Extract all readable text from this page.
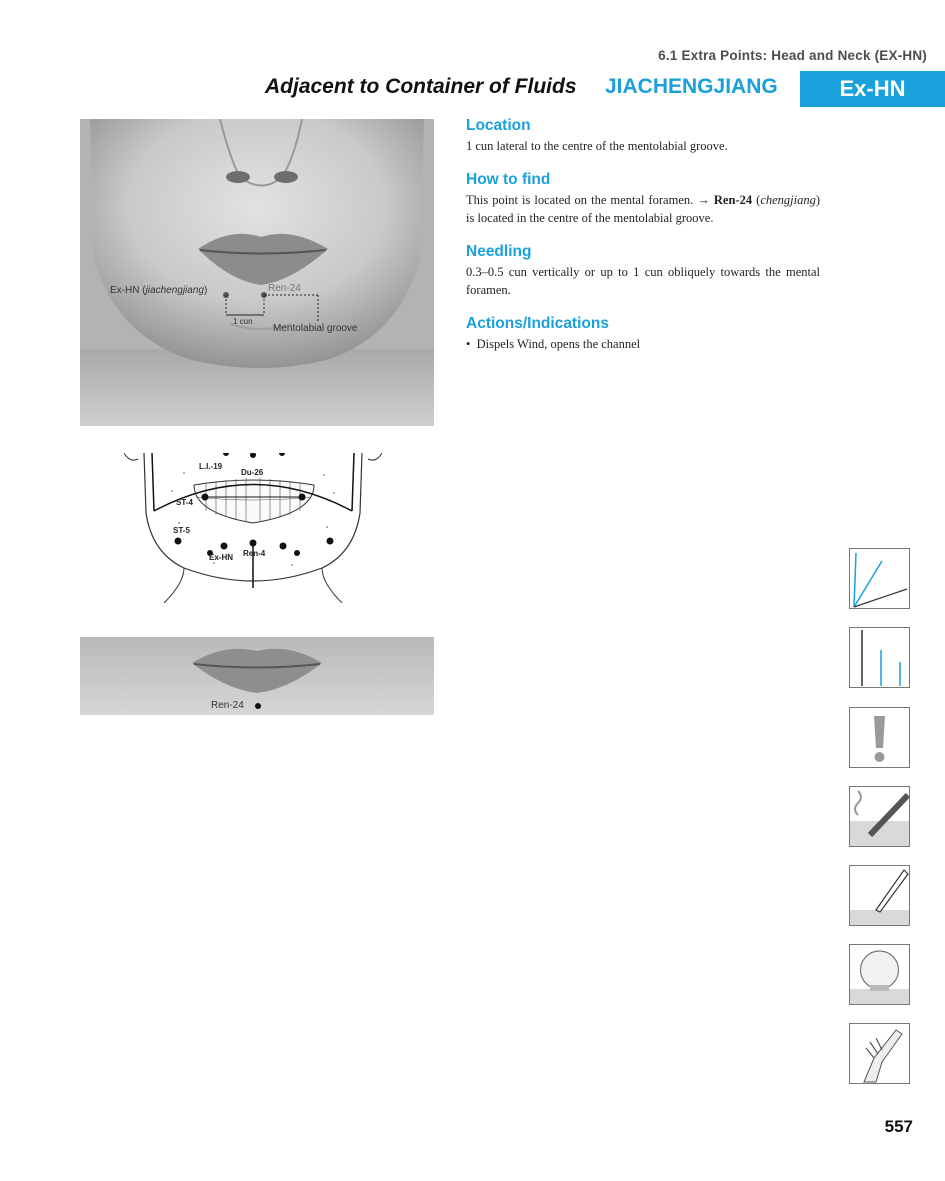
6.1 Extra Points: Head and Neck (EX-HN)
Adjacent to Container of Fluids JIACHENGJIANG	Ex-HN
Location

1 cun lateral to the centre of the mentolabial groove.

How to find

This point is located on the mental foramen. → Ren-24 (chengjiang) is located in the centre of the mentolabial groove.

Needling

0.3–0.5 cun vertically or up to 1 cun obliquely towards the mental foramen.

Actions/Indications

• Dispels Wind, opens the channel

Ex-HN (jiachengjiang)	Ren-24
1 cun
Mentolabial groove
L.I.-19
Du-26
ST-4
ST-5
Ex-HN Ren-4
Ren-24
557
